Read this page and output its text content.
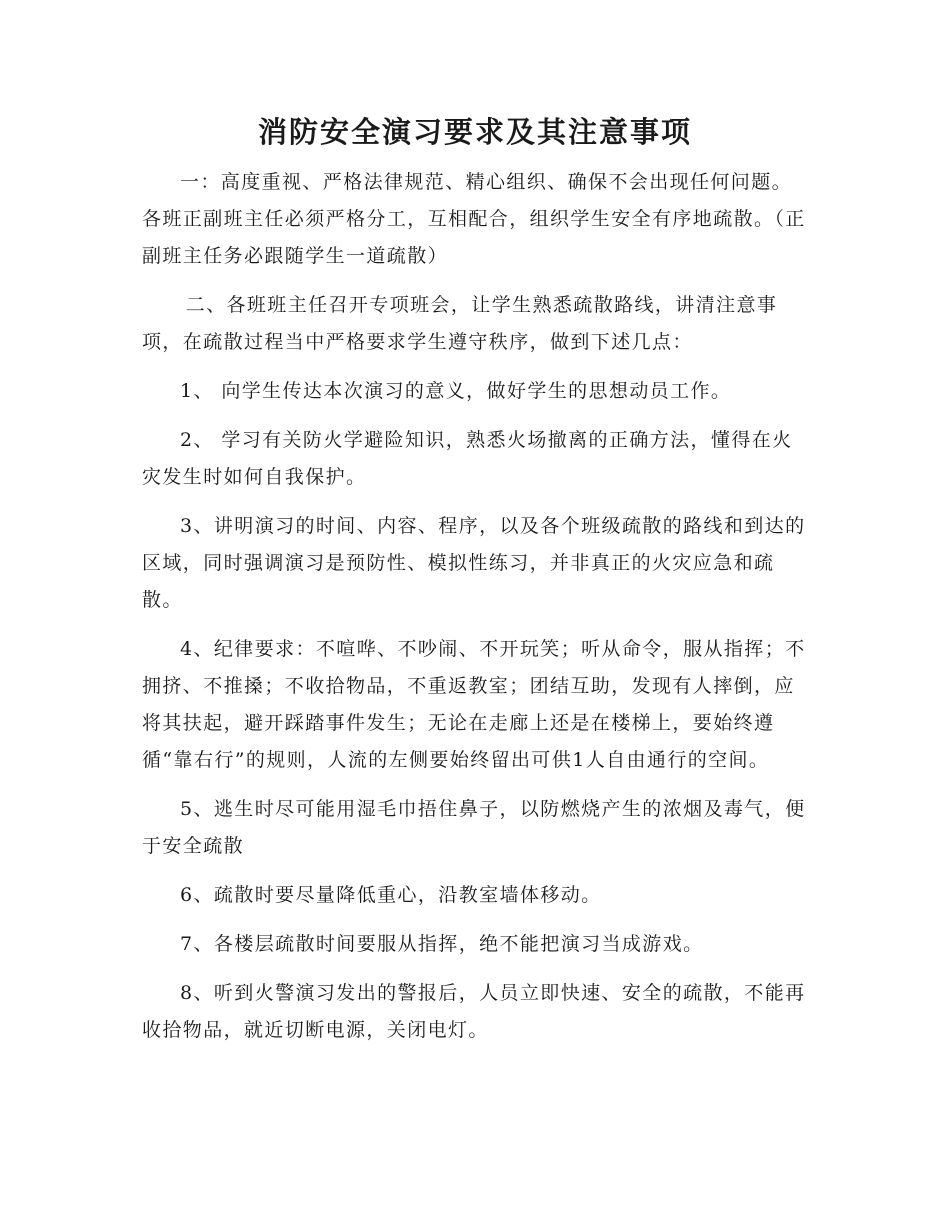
消防安全演习要求及其注意事项

一：高度重视、严格法律规范、精心组织、确保不会出现任何问题。各班正副班主任必须严格分工，互相配合，组织学生安全有序地疏散。（正副班主任务必跟随学生一道疏散）

二、各班班主任召开专项班会，让学生熟悉疏散路线，讲清注意事项，在疏散过程当中严格要求学生遵守秩序，做到下述几点：

1、 向学生传达本次演习的意义，做好学生的思想动员工作。

2、 学习有关防火学避险知识，熟悉火场撤离的正确方法，懂得在火灾发生时如何自我保护。

3、讲明演习的时间、内容、程序，以及各个班级疏散的路线和到达的区域，同时强调演习是预防性、模拟性练习，并非真正的火灾应急和疏散。

4、纪律要求：不喧哗、不吵闹、不开玩笑；听从命令，服从指挥；不拥挤、不推搡；不收拾物品，不重返教室；团结互助，发现有人摔倒，应将其扶起，避开踩踏事件发生；无论在走廊上还是在楼梯上，要始终遵循“靠右行”的规则，人流的左侧要始终留出可供1人自由通行的空间。

5、逃生时尽可能用湿毛巾捂住鼻子，以防燃烧产生的浓烟及毒气，便于安全疏散

6、疏散时要尽量降低重心，沿教室墙体移动。

7、各楼层疏散时间要服从指挥，绝不能把演习当成游戏。

8、听到火警演习发出的警报后，人员立即快速、安全的疏散，不能再收拾物品，就近切断电源，关闭电灯。
